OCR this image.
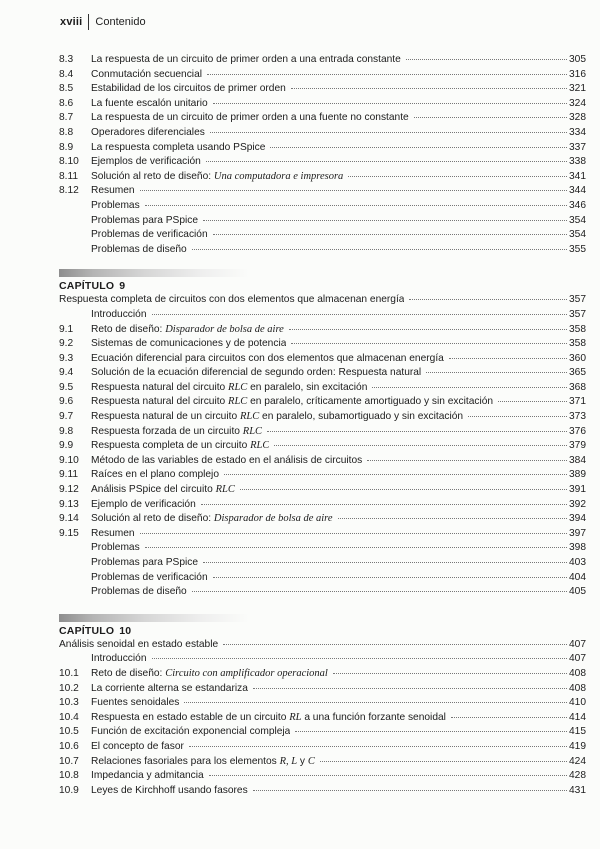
xviii Contenido
8.3	La respuesta de un circuito de primer orden a una entrada constante	305
8.4	Conmutación secuencial	316
8.5	Estabilidad de los circuitos de primer orden	321
8.6	La fuente escalón unitario	324
8.7	La respuesta de un circuito de primer orden a una fuente no constante	328
8.8	Operadores diferenciales	334
8.9	La respuesta completa usando PSpice	337
8.10	Ejemplos de verificación	338
8.11	Solución al reto de diseño: Una computadora e impresora	341
8.12	Resumen	344
Problemas	346
Problemas para PSpice	354
Problemas de verificación	354
Problemas de diseño	355
CAPÍTULO 9
Respuesta completa de circuitos con dos elementos que almacenan energía	357
Introducción	357
9.1	Reto de diseño: Disparador de bolsa de aire	358
9.2	Sistemas de comunicaciones y de potencia	358
9.3	Ecuación diferencial para circuitos con dos elementos que almacenan energía	360
9.4	Solución de la ecuación diferencial de segundo orden: Respuesta natural	365
9.5	Respuesta natural del circuito RLC en paralelo, sin excitación	368
9.6	Respuesta natural del circuito RLC en paralelo, críticamente amortiguado y sin excitación	371
9.7	Respuesta natural de un circuito RLC en paralelo, subamortiguado y sin excitación	373
9.8	Respuesta forzada de un circuito RLC	376
9.9	Respuesta completa de un circuito RLC	379
9.10	Método de las variables de estado en el análisis de circuitos	384
9.11	Raíces en el plano complejo	389
9.12	Análisis PSpice del circuito RLC	391
9.13	Ejemplo de verificación	392
9.14	Solución al reto de diseño: Disparador de bolsa de aire	394
9.15	Resumen	397
Problemas	398
Problemas para PSpice	403
Problemas de verificación	404
Problemas de diseño	405
CAPÍTULO 10
Análisis senoidal en estado estable	407
Introducción	407
10.1	Reto de diseño: Circuito con amplificador operacional	408
10.2	La corriente alterna se estandariza	408
10.3	Fuentes senoidales	410
10.4	Respuesta en estado estable de un circuito RL a una función forzante senoidal	414
10.5	Función de excitación exponencial compleja	415
10.6	El concepto de fasor	419
10.7	Relaciones fasoriales para los elementos R, L y C	424
10.8	Impedancia y admitancia	428
10.9	Leyes de Kirchhoff usando fasores	431
